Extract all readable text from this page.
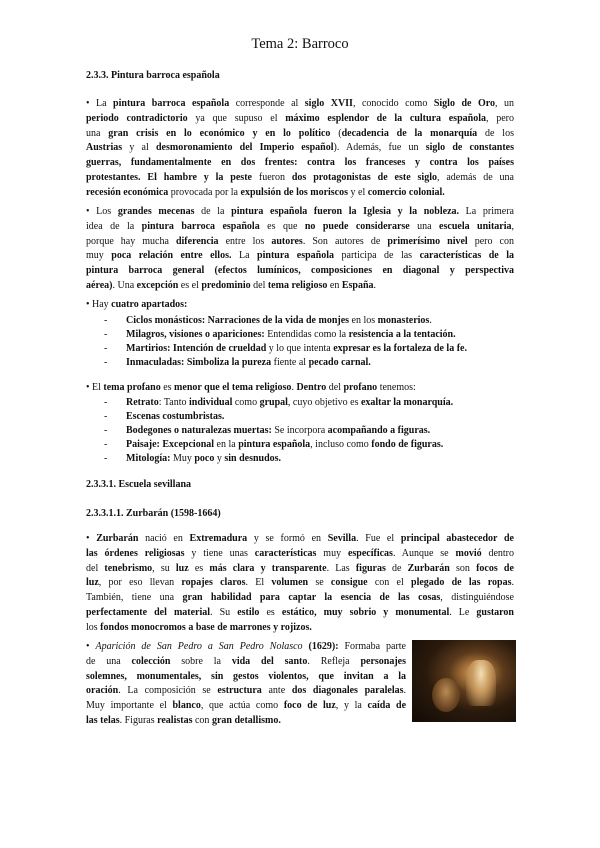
Tema 2: Barroco
2.3.3. Pintura barroca española
• La pintura barroca española corresponde al siglo XVII, conocido como Siglo de Oro, un
periodo contradictorio ya que supuso el máximo esplendor de la cultura española, pero
una gran crisis en lo económico y en lo político (decadencia de la monarquía de los
Austrias y al desmoronamiento del Imperio español). Además, fue un siglo de constantes
guerras, fundamentalmente en dos frentes: contra los franceses y contra los países
protestantes. El hambre y la peste fueron dos protagonistas de este siglo, además de una
recesión económica provocada por la expulsión de los moriscos y el comercio colonial.
• Los grandes mecenas de la pintura española fueron la Iglesia y la nobleza. La primera
idea de la pintura barroca española es que no puede considerarse una escuela unitaria,
porque hay mucha diferencia entre los autores. Son autores de primerísimo nivel pero con
muy poca relación entre ellos. La pintura española participa de las características de la
pintura barroca general (efectos lumínicos, composiciones en diagonal y perspectiva
aérea). Una excepción es el predominio del tema religioso en España.
• Hay cuatro apartados:
- Ciclos monásticos: Narraciones de la vida de monjes en los monasterios.
- Milagros, visiones o apariciones: Entendidas como la resistencia a la tentación.
- Martirios: Intención de crueldad y lo que intenta expresar es la fortaleza de la fe.
- Inmaculadas: Simboliza la pureza fiente al pecado carnal.
• El tema profano es menor que el tema religioso. Dentro del profano tenemos:
- Retrato: Tanto individual como grupal, cuyo objetivo es exaltar la monarquía.
- Escenas costumbristas.
- Bodegones o naturalezas muertas: Se incorpora acompañando a figuras.
- Paisaje: Excepcional en la pintura española, incluso como fondo de figuras.
- Mitología: Muy poco y sin desnudos.
2.3.3.1. Escuela sevillana
2.3.3.1.1. Zurbarán (1598-1664)
• Zurbarán nació en Extremadura y se formó en Sevilla. Fue el principal abastecedor de
las órdenes religiosas y tiene unas características muy específicas. Aunque se movió dentro
del tenebrismo, su luz es más clara y transparente. Las figuras de Zurbarán son focos de
luz, por eso llevan ropajes claros. El volumen se consigue con el plegado de las ropas.
También, tiene una gran habilidad para captar la esencia de las cosas, distinguiéndose
perfectamente del material. Su estilo es estático, muy sobrio y monumental. Le gustaron
los fondos monocromos a base de marrones y rojizos.
• Aparición de San Pedro a San Pedro Nolasco (1629): Formaba parte
de una colección sobre la vida del santo. Refleja personajes
solemnes, monumentales, sin gestos violentos, que invitan a la
oración. La composición se estructura ante dos diagonales paralelas.
Muy importante el blanco, que actúa como foco de luz, y la caída de
las telas. Figuras realistas con gran detallismo.
